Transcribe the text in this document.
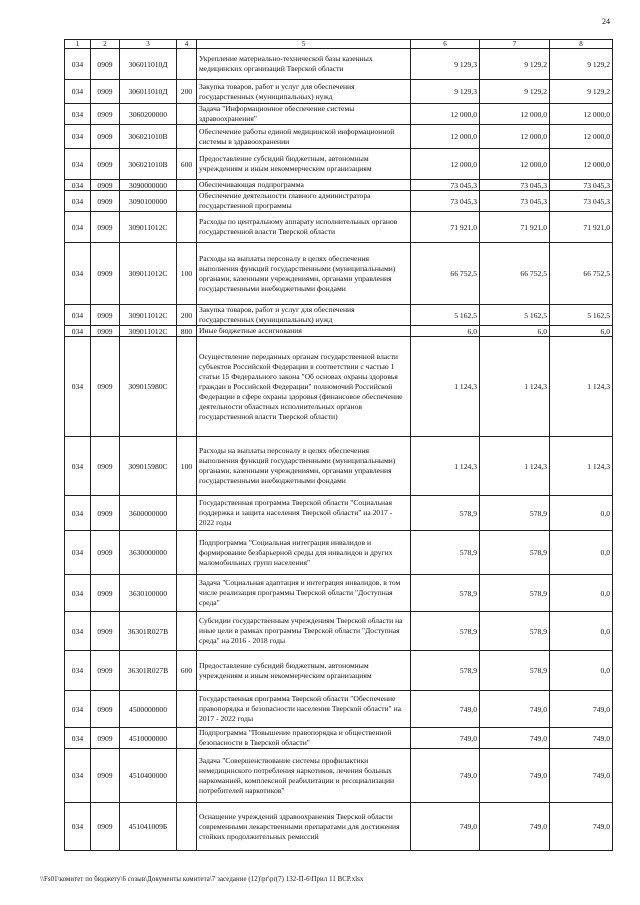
24
1	2	3	4	5	6	7	8
034	0909	306011010Д		Укрепление материально-технической базы казенных медицинских организаций Тверской области	9 129,3	9 129,2	9 129,2
034	0909	306011010Д	200	Закупка товаров, работ и услуг для обеспечения государственных (муниципальных) нужд	9 129,3	9 129,2	9 129,2
034	0909	3060200000		Задача "Информационное обеспечение системы здравоохранения"	12 000,0	12 000,0	12 000,0
034	0909	306021010B		Обеспечение работы единой медицинской информационной системы в здравоохранении	12 000,0	12 000,0	12 000,0
034	0909	306021010B	600	Предоставление субсидий бюджетным, автономным учреждениям и иным некоммерческим организациям	12 000,0	12 000,0	12 000,0
034	0909	3090000000		Обеспечивающая подпрограмма	73 045,3	73 045,3	73 045,3
034	0909	3090100000		Обеспечение деятельности главного администратора государственной программы	73 045,3	73 045,3	73 045,3
034	0909	309011012C		Расходы по центральному аппарату исполнительных органов государственной власти Тверской области	71 921,0	71 921,0	71 921,0
034	0909	309011012C	100	Расходы на выплаты персоналу в целях обеспечения выполнения функций государственными (муниципальными) органами, казенными учреждениями, органами управления государственными внебюджетными фондами	66 752,5	66 752,5	66 752,5
034	0909	309011012C	200	Закупка товаров, работ и услуг для обеспечения государственных (муниципальных) нужд	5 162,5	5 162,5	5 162,5
034	0909	309011012C	800	Иные бюджетные ассигнования	6,0	6,0	6,0
034	0909	309015980C		Осуществление переданных органам государственной власти субъектов Российской Федерации в соответствии с частью 1 статьи 15 Федерального закона "Об основах охраны здоровья граждан в Российской Федерации" полномочий Российской Федерации в сфере охраны здоровья (финансовое обеспечение деятельности областных исполнительных органов государственной власти Тверской области)	1 124,3	1 124,3	1 124,3
034	0909	309015980C	100	Расходы на выплаты персоналу в целях обеспечения выполнения функций государственными (муниципальными) органами, казенными учреждениями, органами управления государственными внебюджетными фондами	1 124,3	1 124,3	1 124,3
034	0909	3600000000		Государственная программа Тверской области "Социальная поддержка и защита населения Тверской области" на 2017 - 2022 годы	578,9	578,9	0,0
034	0909	3630000000		Подпрограмма "Социальная интеграция инвалидов и формирование безбарьерной среды для инвалидов и других маломобильных групп населения"	578,9	578,9	0,0
034	0909	3630100000		Задача "Социальная адаптация и интеграция инвалидов, в том числе реализация программы Тверской области "Доступная среда"	578,9	578,9	0,0
034	0909	36301R027B		Субсидии государственным учреждениям Тверской области на иные цели в рамках программы Тверской области "Доступная среда" на 2016 - 2018 годы	578,9	578,9	0,0
034	0909	36301R027B	600	Предоставление субсидий бюджетным, автономным учреждениям и иным некоммерческим организациям	578,9	578,9	0,0
034	0909	4500000000		Государственная программа Тверской области "Обеспечение правопорядка и безопасности населения Тверской области" на 2017 - 2022 годы	749,0	749,0	749,0
034	0909	4510000000		Подпрограмма "Повышение правопорядка и общественной безопасности в Тверской области"	749,0	749,0	749,0
034	0909	4510400000		Задача "Совершенствование системы профилактики немедицинского потребления наркотиков, лечения больных наркоманией, комплексной реабилитации и ресоциализации потребителей наркотиков"	749,0	749,0	749,0
034	0909	451041009Б		Оснащение учреждений здравоохранения Тверской области современными лекарственными препаратами для достижения стойких продолжительных ремиссий	749,0	749,0	749,0
\\Fs01\комитет по бюджету\6 созыв\Документы комитета\7 заседание (12)\pr\pr(7) 132-П-6\Прил 11 ВСР.xlsx
